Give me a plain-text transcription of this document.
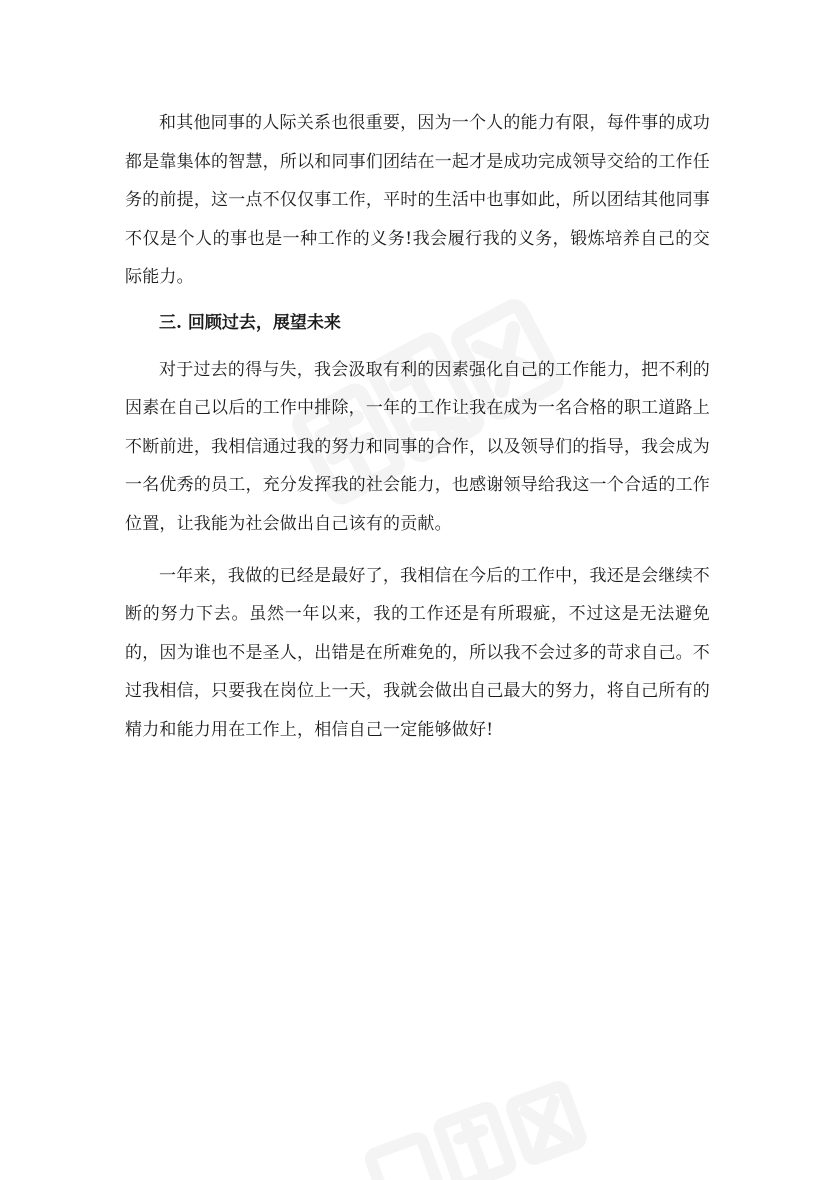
和其他同事的人际关系也很重要，因为一个人的能力有限，每件事的成功都是靠集体的智慧，所以和同事们团结在一起才是成功完成领导交给的工作任务的前提，这一点不仅仅事工作，平时的生活中也事如此，所以团结其他同事不仅是个人的事也是一种工作的义务!我会履行我的义务，锻炼培养自己的交际能力。

三. 回顾过去，展望未来

对于过去的得与失，我会汲取有利的因素强化自己的工作能力，把不利的因素在自己以后的工作中排除，一年的工作让我在成为一名合格的职工道路上不断前进，我相信通过我的努力和同事的合作，以及领导们的指导，我会成为一名优秀的员工，充分发挥我的社会能力，也感谢领导给我这一个合适的工作位置，让我能为社会做出自己该有的贡献。

一年来，我做的已经是最好了，我相信在今后的工作中，我还是会继续不断的努力下去。虽然一年以来，我的工作还是有所瑕疵，不过这是无法避免的，因为谁也不是圣人，出错是在所难免的，所以我不会过多的苛求自己。不过我相信，只要我在岗位上一天，我就会做出自己最大的努力，将自己所有的精力和能力用在工作上，相信自己一定能够做好!
